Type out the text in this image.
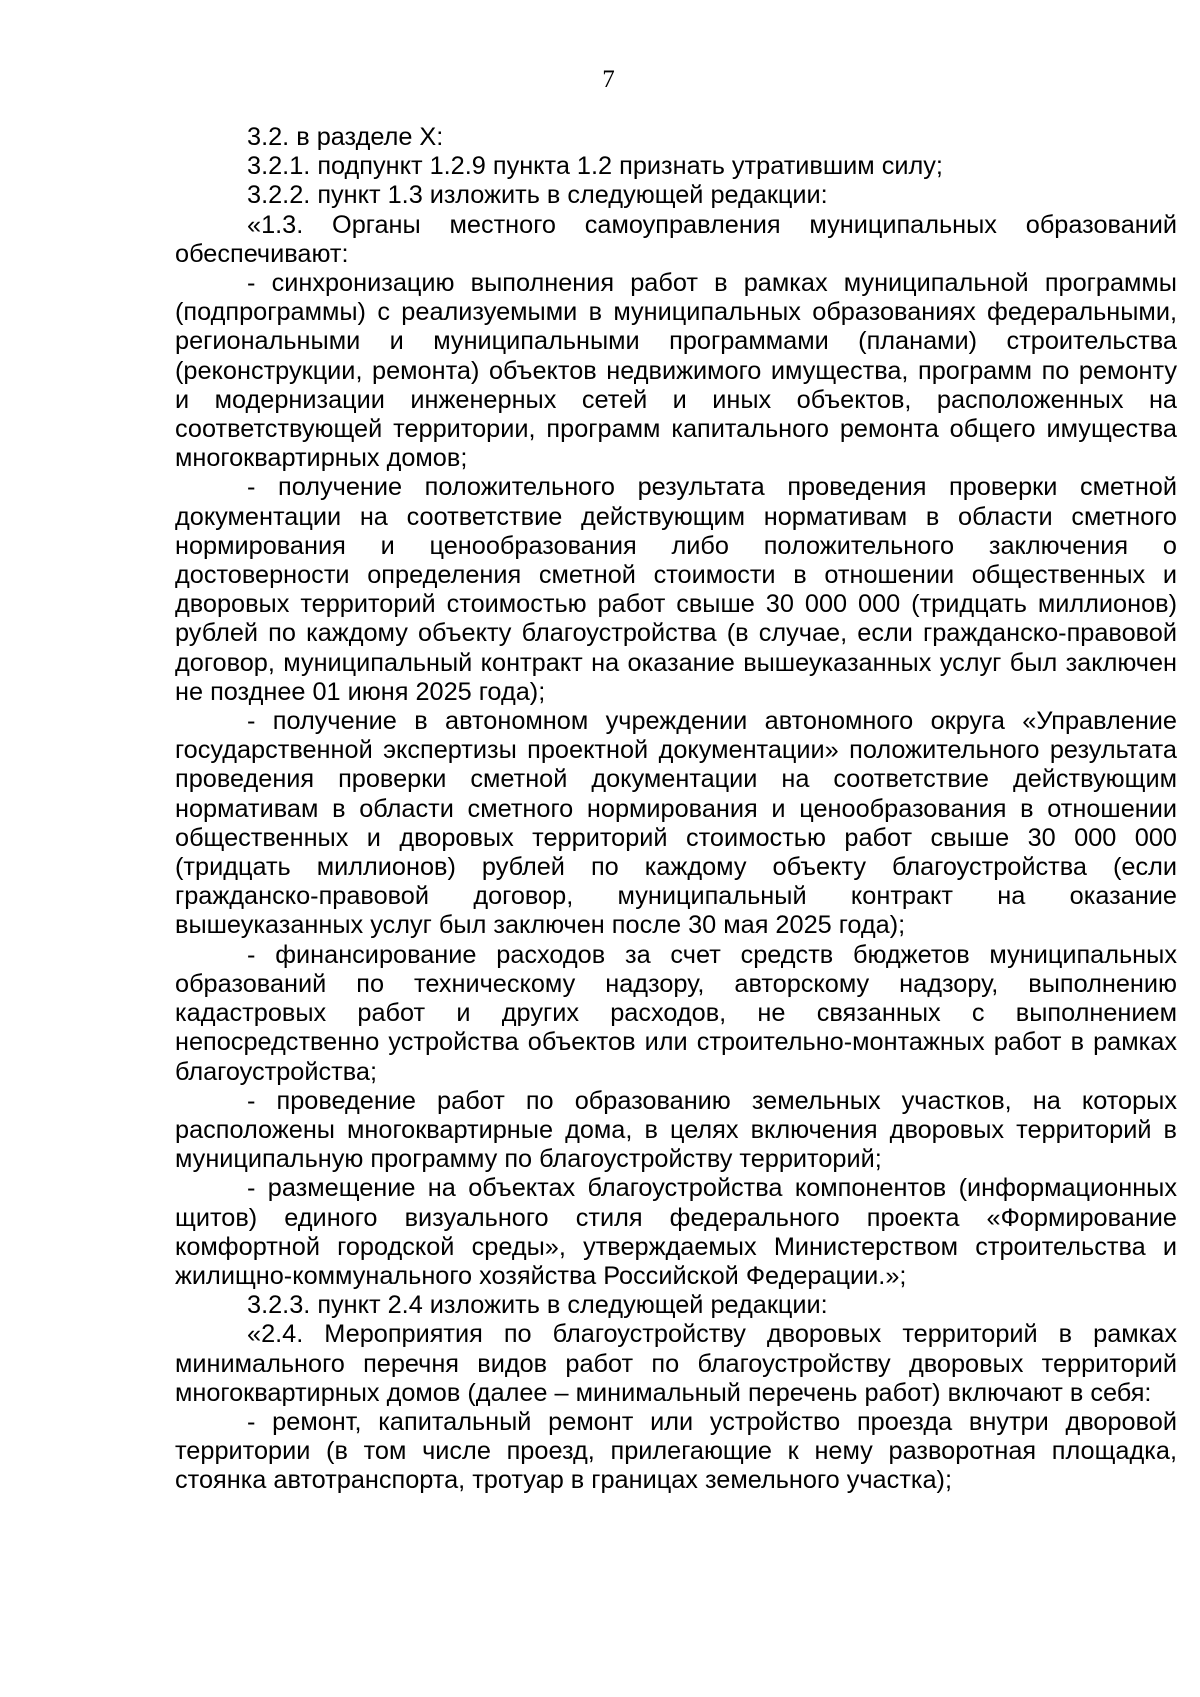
7

3.2. в разделе X:

3.2.1. подпункт 1.2.9 пункта 1.2 признать утратившим силу;

3.2.2. пункт 1.3 изложить в следующей редакции:

«1.3. Органы местного самоуправления муниципальных образований обеспечивают:

- синхронизацию выполнения работ в рамках муниципальной программы (подпрограммы) с реализуемыми в муниципальных образованиях федеральными, региональными и муниципальными программами (планами) строительства (реконструкции, ремонта) объектов недвижимого имущества, программ по ремонту и модернизации инженерных сетей и иных объектов, расположенных на соответствующей территории, программ капитального ремонта общего имущества многоквартирных домов;

- получение положительного результата проведения проверки сметной документации на соответствие действующим нормативам в области сметного нормирования и ценообразования либо положительного заключения о достоверности определения сметной стоимости в отношении общественных и дворовых территорий стоимостью работ свыше 30 000 000 (тридцать миллионов) рублей по каждому объекту благоустройства (в случае, если гражданско-правовой договор, муниципальный контракт на оказание вышеуказанных услуг был заключен не позднее 01 июня 2025 года);

- получение в автономном учреждении автономного округа «Управление государственной экспертизы проектной документации» положительного результата проведения проверки сметной документации на соответствие действующим нормативам в области сметного нормирования и ценообразования в отношении общественных и дворовых территорий стоимостью работ свыше 30 000 000 (тридцать миллионов) рублей по каждому объекту благоустройства (если гражданско-правовой договор, муниципальный контракт на оказание вышеуказанных услуг был заключен после 30 мая 2025 года);

- финансирование расходов за счет средств бюджетов муниципальных образований по техническому надзору, авторскому надзору, выполнению кадастровых работ и других расходов, не связанных с выполнением непосредственно устройства объектов или строительно-монтажных работ в рамках благоустройства;

- проведение работ по образованию земельных участков, на которых расположены многоквартирные дома, в целях включения дворовых территорий в муниципальную программу по благоустройству территорий;

- размещение на объектах благоустройства компонентов (информационных щитов) единого визуального стиля федерального проекта «Формирование комфортной городской среды», утверждаемых Министерством строительства и жилищно-коммунального хозяйства Российской Федерации.»;

3.2.3. пункт 2.4 изложить в следующей редакции:

«2.4. Мероприятия по благоустройству дворовых территорий в рамках минимального перечня видов работ по благоустройству дворовых территорий многоквартирных домов (далее – минимальный перечень работ) включают в себя:

- ремонт, капитальный ремонт или устройство проезда внутри дворовой территории (в том числе проезд, прилегающие к нему разворотная площадка, стоянка автотранспорта, тротуар в границах земельного участка);
